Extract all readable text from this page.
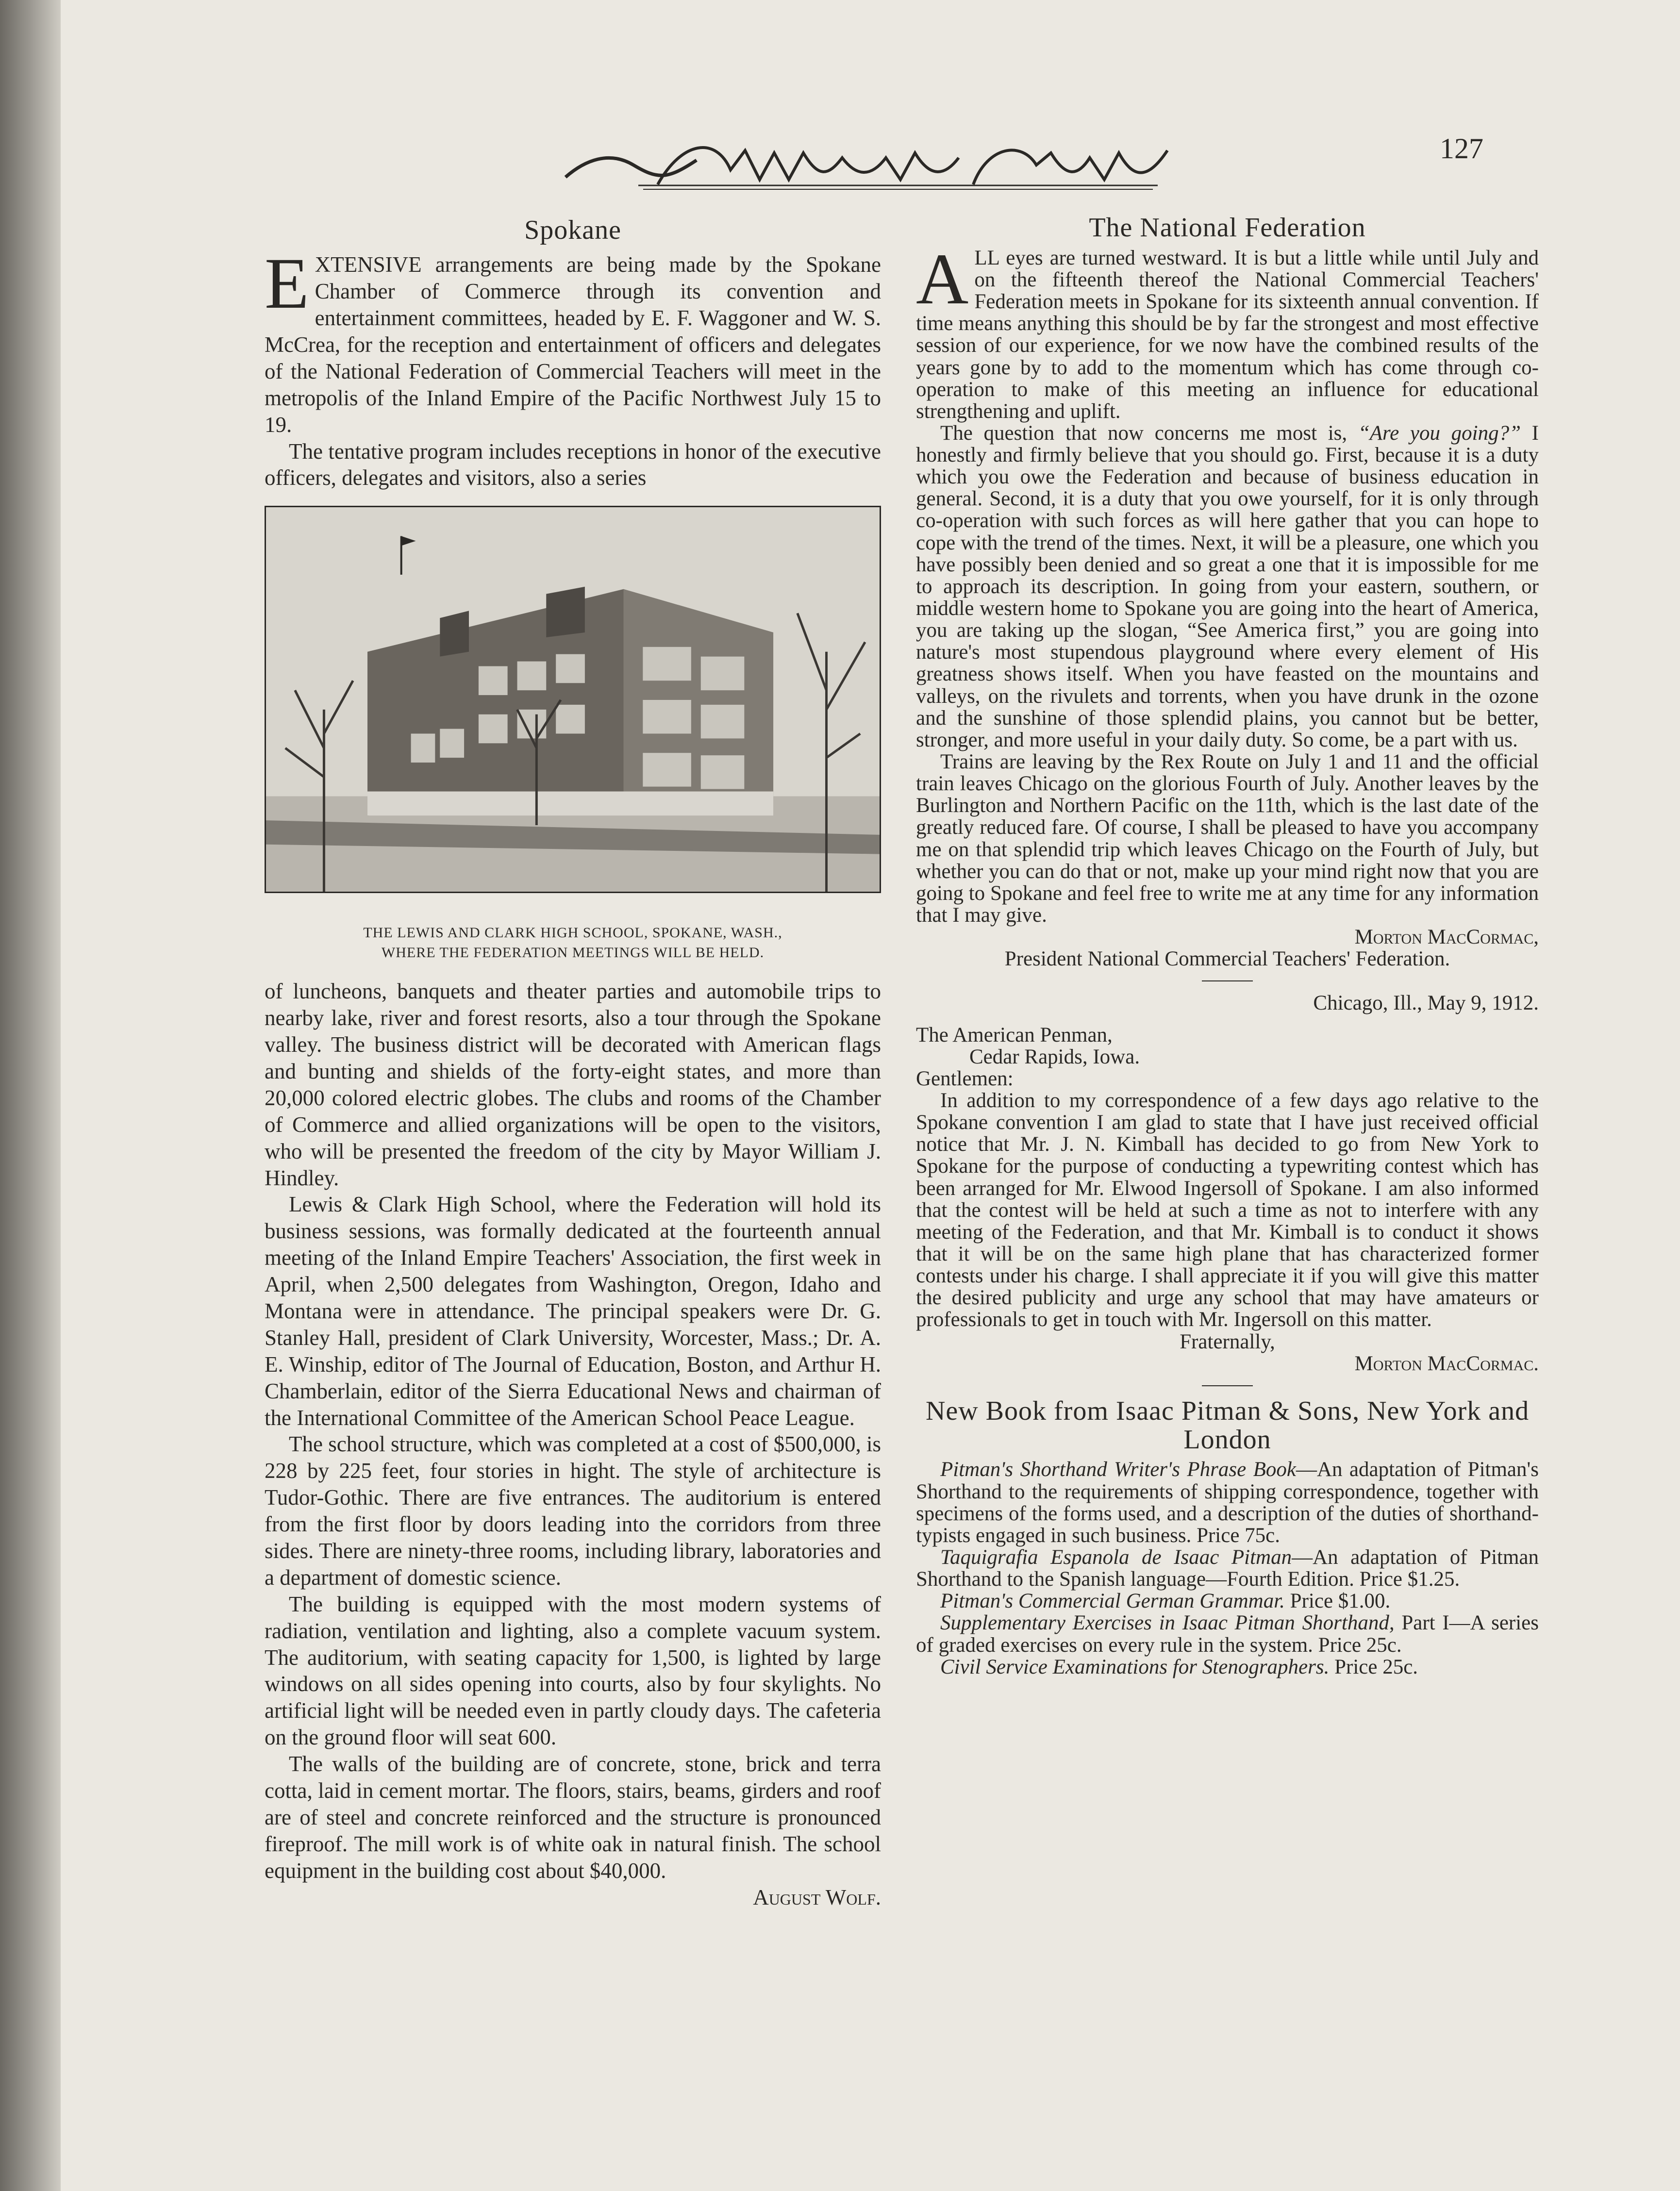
127
Spokane

EXTENSIVE arrangements are being made by the Spokane Chamber of Commerce through its convention and entertainment committees, headed by E. F. Waggoner and W. S. McCrea, for the reception and entertainment of officers and delegates of the National Federation of Commercial Teachers will meet in the metropolis of the Inland Empire of the Pacific Northwest July 15 to 19.

The tentative program includes receptions in honor of the executive officers, delegates and visitors, also a series

THE LEWIS AND CLARK HIGH SCHOOL, SPOKANE, WASH.,
WHERE THE FEDERATION MEETINGS WILL BE HELD.

of luncheons, banquets and theater parties and automobile trips to nearby lake, river and forest resorts, also a tour through the Spokane valley. The business district will be decorated with American flags and bunting and shields of the forty-eight states, and more than 20,000 colored electric globes. The clubs and rooms of the Chamber of Commerce and allied organizations will be open to the visitors, who will be presented the freedom of the city by Mayor William J. Hindley.

Lewis & Clark High School, where the Federation will hold its business sessions, was formally dedicated at the fourteenth annual meeting of the Inland Empire Teachers' Association, the first week in April, when 2,500 delegates from Washington, Oregon, Idaho and Montana were in attendance. The principal speakers were Dr. G. Stanley Hall, president of Clark University, Worcester, Mass.; Dr. A. E. Winship, editor of The Journal of Education, Boston, and Arthur H. Chamberlain, editor of the Sierra Educational News and chairman of the International Committee of the American School Peace League.

The school structure, which was completed at a cost of $500,000, is 228 by 225 feet, four stories in hight. The style of architecture is Tudor-Gothic. There are five entrances. The auditorium is entered from the first floor by doors leading into the corridors from three sides. There are ninety-three rooms, including library, laboratories and a department of domestic science.

The building is equipped with the most modern systems of radiation, ventilation and lighting, also a complete vacuum system. The auditorium, with seating capacity for 1,500, is lighted by large windows on all sides opening into courts, also by four skylights. No artificial light will be needed even in partly cloudy days. The cafeteria on the ground floor will seat 600.

The walls of the building are of concrete, stone, brick and terra cotta, laid in cement mortar. The floors, stairs, beams, girders and roof are of steel and concrete reinforced and the structure is pronounced fireproof. The mill work is of white oak in natural finish. The school equipment in the building cost about $40,000.

August Wolf.
The National Federation

ALL eyes are turned westward. It is but a little while until July and on the fifteenth thereof the National Commercial Teachers' Federation meets in Spokane for its sixteenth annual convention. If time means anything this should be by far the strongest and most effective session of our experience, for we now have the combined results of the years gone by to add to the momentum which has come through co-operation to make of this meeting an influence for educational strengthening and uplift.

The question that now concerns me most is, “Are you going?” I honestly and firmly believe that you should go. First, because it is a duty which you owe the Federation and because of business education in general. Second, it is a duty that you owe yourself, for it is only through co-operation with such forces as will here gather that you can hope to cope with the trend of the times. Next, it will be a pleasure, one which you have possibly been denied and so great a one that it is impossible for me to approach its description. In going from your eastern, southern, or middle western home to Spokane you are going into the heart of America, you are taking up the slogan, “See America first,” you are going into nature's most stupendous playground where every element of His greatness shows itself. When you have feasted on the mountains and valleys, on the rivulets and torrents, when you have drunk in the ozone and the sunshine of those splendid plains, you cannot but be better, stronger, and more useful in your daily duty. So come, be a part with us.

Trains are leaving by the Rex Route on July 1 and 11 and the official train leaves Chicago on the glorious Fourth of July. Another leaves by the Burlington and Northern Pacific on the 11th, which is the last date of the greatly reduced fare. Of course, I shall be pleased to have you accompany me on that splendid trip which leaves Chicago on the Fourth of July, but whether you can do that or not, make up your mind right now that you are going to Spokane and feel free to write me at any time for any information that I may give.

Morton MacCormac,
President National Commercial Teachers' Federation.
Chicago, Ill., May 9, 1912.
The American Penman,
Cedar Rapids, Iowa.
Gentlemen:

In addition to my correspondence of a few days ago relative to the Spokane convention I am glad to state that I have just received official notice that Mr. J. N. Kimball has decided to go from New York to Spokane for the purpose of conducting a typewriting contest which has been arranged for Mr. Elwood Ingersoll of Spokane. I am also informed that the contest will be held at such a time as not to interfere with any meeting of the Federation, and that Mr. Kimball is to conduct it shows that it will be on the same high plane that has characterized former contests under his charge. I shall appreciate it if you will give this matter the desired publicity and urge any school that may have amateurs or professionals to get in touch with Mr. Ingersoll on this matter.

Fraternally,
Morton MacCormac.
New Book from Isaac Pitman & Sons, New York and London

Pitman's Shorthand Writer's Phrase Book—An adaptation of Pitman's Shorthand to the requirements of shipping correspondence, together with specimens of the forms used, and a description of the duties of shorthand-typists engaged in such business. Price 75c.

Taquigrafia Espanola de Isaac Pitman—An adaptation of Pitman Shorthand to the Spanish language—Fourth Edition. Price $1.25.

Pitman's Commercial German Grammar. Price $1.00.

Supplementary Exercises in Isaac Pitman Shorthand, Part I—A series of graded exercises on every rule in the system. Price 25c.

Civil Service Examinations for Stenographers. Price 25c.
